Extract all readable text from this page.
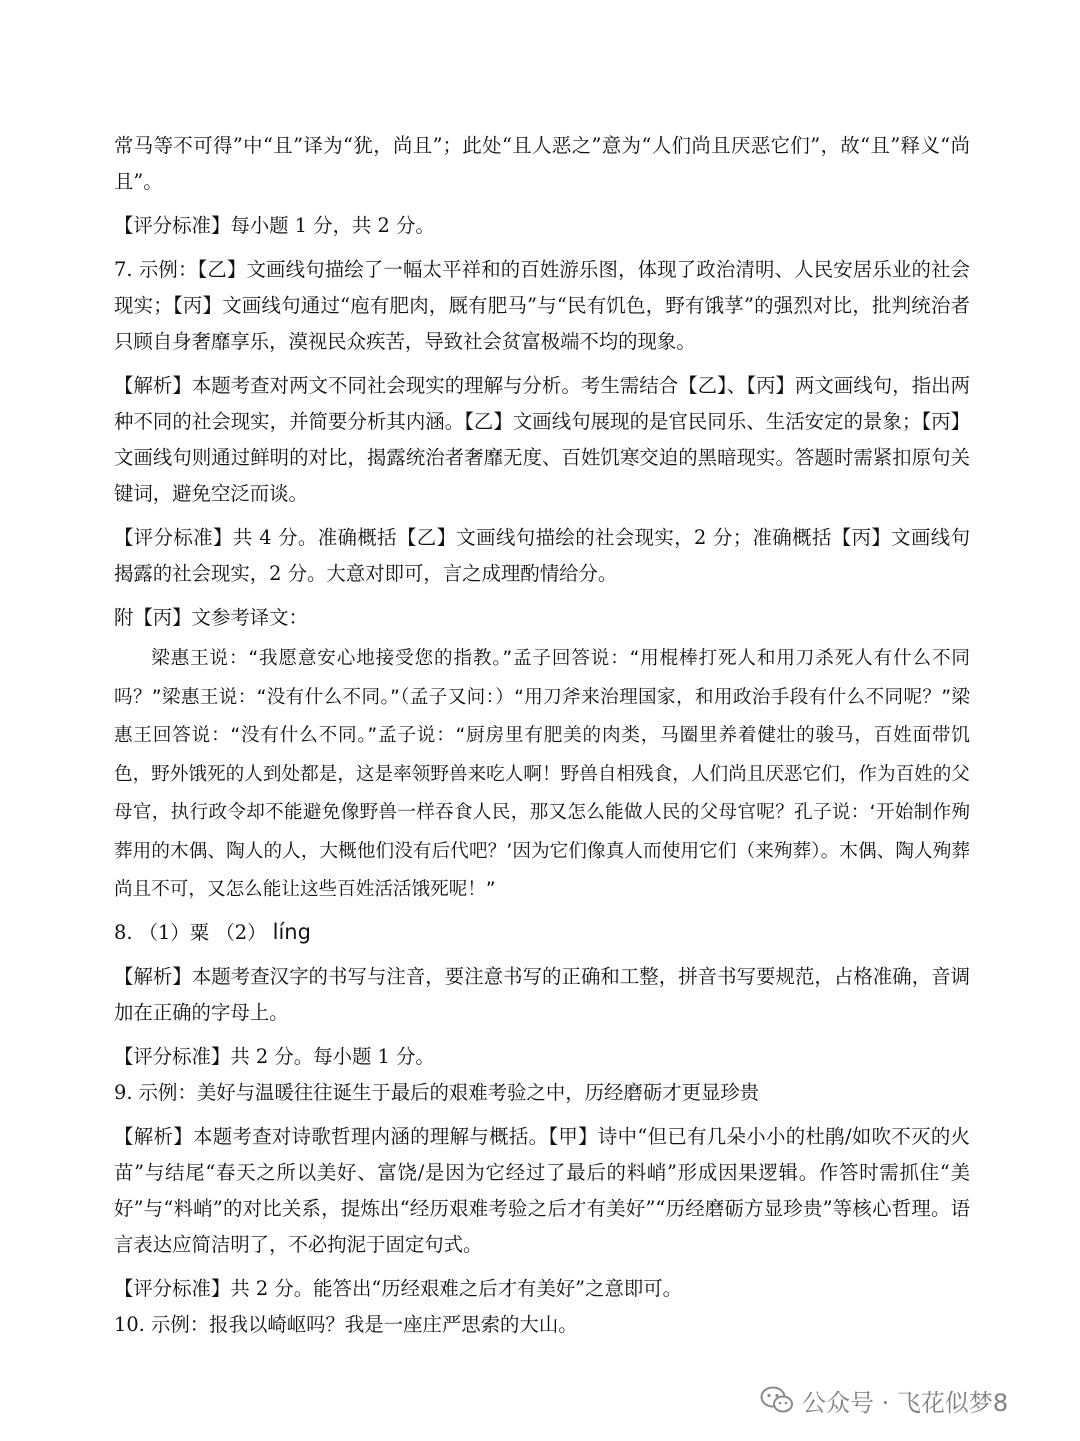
常马等不可得”中“且”译为“犹，尚且”；此处“且人恶之”意为“人们尚且厌恶它们”，故“且”释义“尚且”。

【评分标准】每小题 1 分，共 2 分。

7. 示例：【乙】文画线句描绘了一幅太平祥和的百姓游乐图，体现了政治清明、人民安居乐业的社会现实；【丙】文画线句通过“庖有肥肉，厩有肥马”与“民有饥色，野有饿莩”的强烈对比，批判统治者只顾自身奢靡享乐，漠视民众疾苦，导致社会贫富极端不均的现象。

【解析】本题考查对两文不同社会现实的理解与分析。考生需结合【乙】、【丙】两文画线句，指出两种不同的社会现实，并简要分析其内涵。【乙】文画线句展现的是官民同乐、生活安定的景象；【丙】文画线句则通过鲜明的对比，揭露统治者奢靡无度、百姓饥寒交迫的黑暗现实。答题时需紧扣原句关键词，避免空泛而谈。

【评分标准】共 4 分。准确概括【乙】文画线句描绘的社会现实，2 分；准确概括【丙】文画线句揭露的社会现实，2 分。大意对即可，言之成理酌情给分。

附【丙】文参考译文：

梁惠王说：“我愿意安心地接受您的指教。”孟子回答说：“用棍棒打死人和用刀杀死人有什么不同吗？”梁惠王说：“没有什么不同。”（孟子又问：）“用刀斧来治理国家，和用政治手段有什么不同呢？”梁惠王回答说：“没有什么不同。”孟子说：“厨房里有肥美的肉类，马圈里养着健壮的骏马，百姓面带饥色，野外饿死的人到处都是，这是率领野兽来吃人啊！野兽自相残食，人们尚且厌恶它们，作为百姓的父母官，执行政令却不能避免像野兽一样吞食人民，那又怎么能做人民的父母官呢？孔子说：‘开始制作殉葬用的木偶、陶人的人，大概他们没有后代吧？’因为它们像真人而使用它们（来殉葬）。木偶、陶人殉葬尚且不可，又怎么能让这些百姓活活饿死呢！”

8. （1）粟 （2） líng

【解析】本题考查汉字的书写与注音，要注意书写的正确和工整，拼音书写要规范，占格准确，音调加在正确的字母上。

【评分标准】共 2 分。每小题 1 分。

9. 示例：美好与温暖往往诞生于最后的艰难考验之中，历经磨砺才更显珍贵

【解析】本题考查对诗歌哲理内涵的理解与概括。【甲】诗中“但已有几朵小小的杜鹃/如吹不灭的火苗”与结尾“春天之所以美好、富饶/是因为它经过了最后的料峭”形成因果逻辑。作答时需抓住“美好”与“料峭”的对比关系，提炼出“经历艰难考验之后才有美好”“历经磨砺方显珍贵”等核心哲理。语言表达应简洁明了，不必拘泥于固定句式。

【评分标准】共 2 分。能答出“历经艰难之后才有美好”之意即可。

10. 示例：报我以崎岖吗？我是一座庄严思索的大山。

公众号 · 飞花似梦8
